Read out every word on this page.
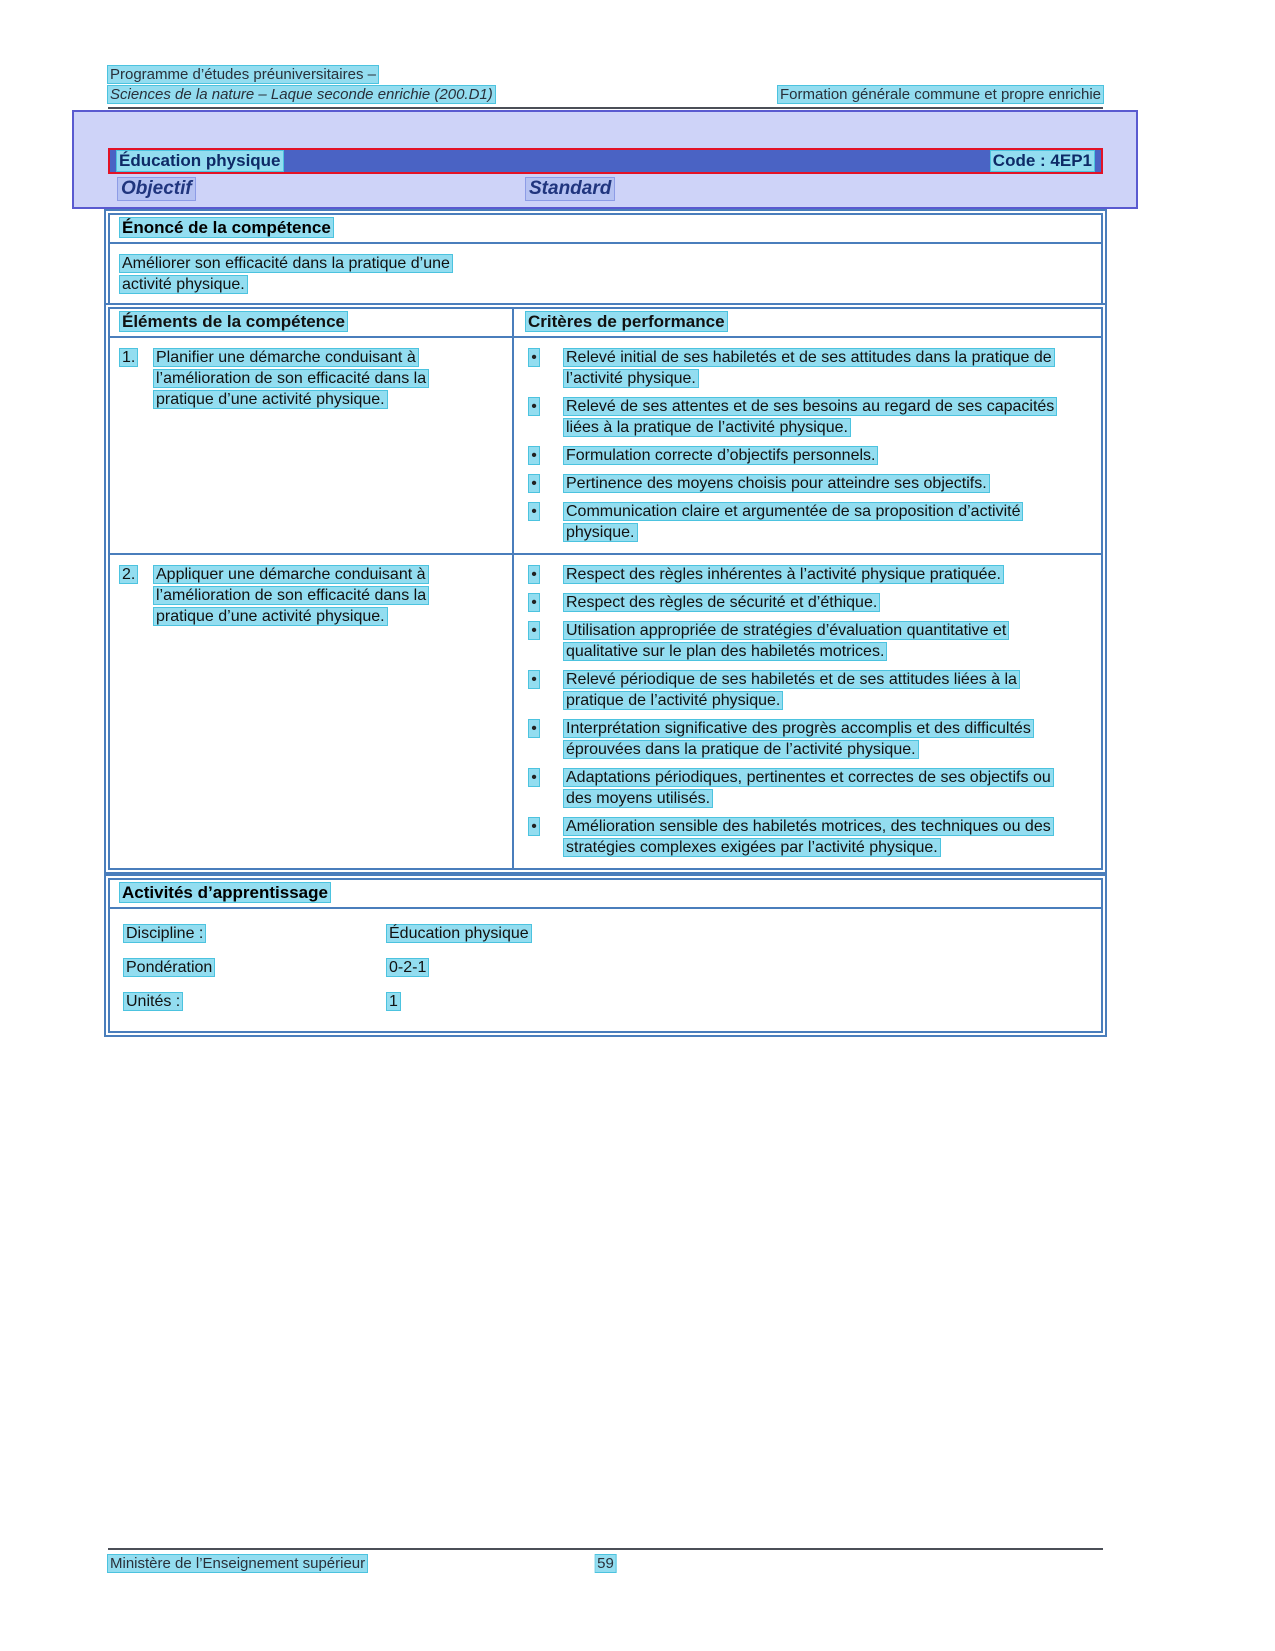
Programme d’études préuniversitaires –
Sciences de la nature – Laque seconde enrichie (200.D1)	Formation générale commune et propre enrichie
Éducation physique	Code : 4EP1
Objectif	Standard
Énoncé de la compétence
Améliorer son efficacité dans la pratique d’une activité physique.
Éléments de la compétence	Critères de performance
1.	Planifier une démarche conduisant à l’amélioration de son efficacité dans la pratique d’une activité physique.
• Relevé initial de ses habiletés et de ses attitudes dans la pratique de l’activité physique.
• Relevé de ses attentes et de ses besoins au regard de ses capacités liées à la pratique de l’activité physique.
• Formulation correcte d’objectifs personnels.
• Pertinence des moyens choisis pour atteindre ses objectifs.
• Communication claire et argumentée de sa proposition d’activité physique.
2.	Appliquer une démarche conduisant à l’amélioration de son efficacité dans la pratique d’une activité physique.
• Respect des règles inhérentes à l’activité physique pratiquée.
• Respect des règles de sécurité et d’éthique.
• Utilisation appropriée de stratégies d’évaluation quantitative et qualitative sur le plan des habiletés motrices.
• Relevé périodique de ses habiletés et de ses attitudes liées à la pratique de l’activité physique.
• Interprétation significative des progrès accomplis et des difficultés éprouvées dans la pratique de l’activité physique.
• Adaptations périodiques, pertinentes et correctes de ses objectifs ou des moyens utilisés.
• Amélioration sensible des habiletés motrices, des techniques ou des stratégies complexes exigées par l’activité physique.
Activités d’apprentissage
Discipline :	Éducation physique
Pondération	0-2-1
Unités :	1
Ministère de l’Enseignement supérieur	59
